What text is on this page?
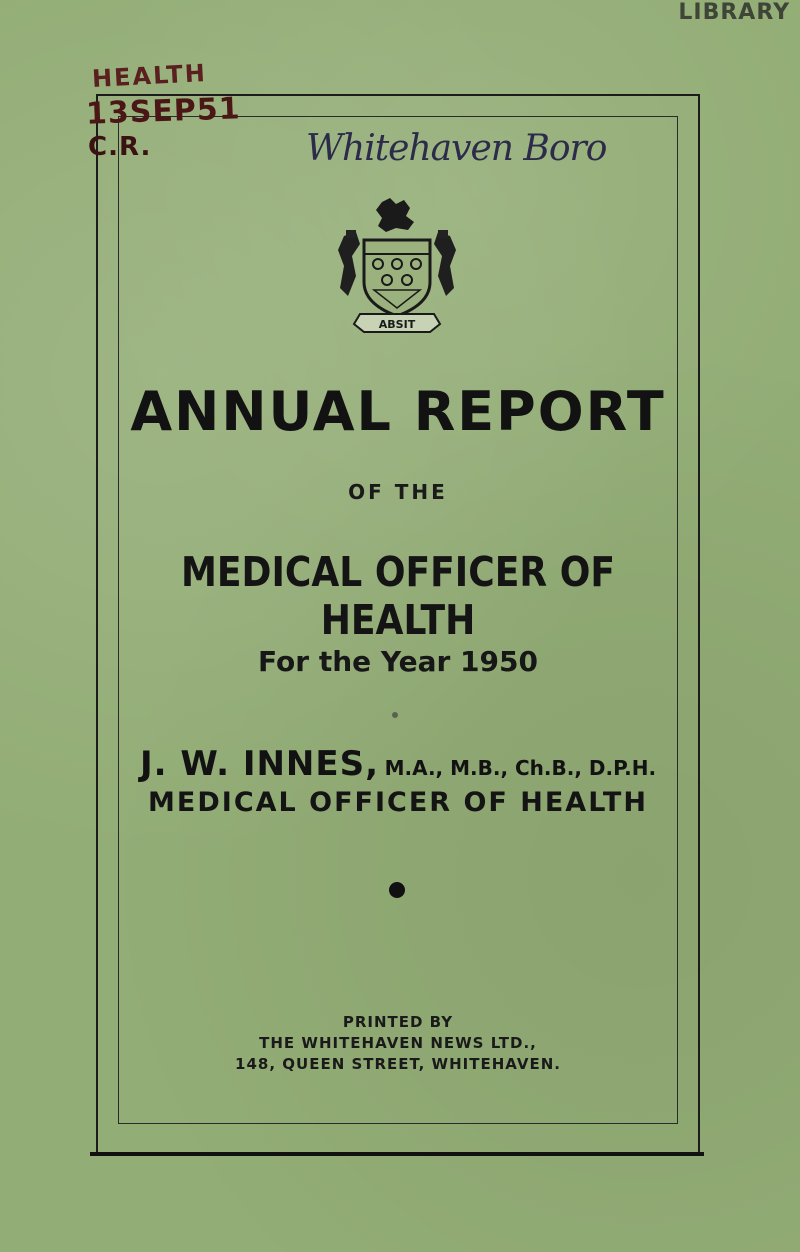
LIBRARY
HEALTH
13SEP51
C.R.	Whitehaven Boro
ABSIT
ANNUAL REPORT
OF THE
MEDICAL OFFICER OF HEALTH
For the Year 1950
J. W. INNES, M.A., M.B., Ch.B., D.P.H.
MEDICAL OFFICER OF HEALTH
PRINTED BY
THE WHITEHAVEN NEWS LTD.,
148, QUEEN STREET, WHITEHAVEN.
